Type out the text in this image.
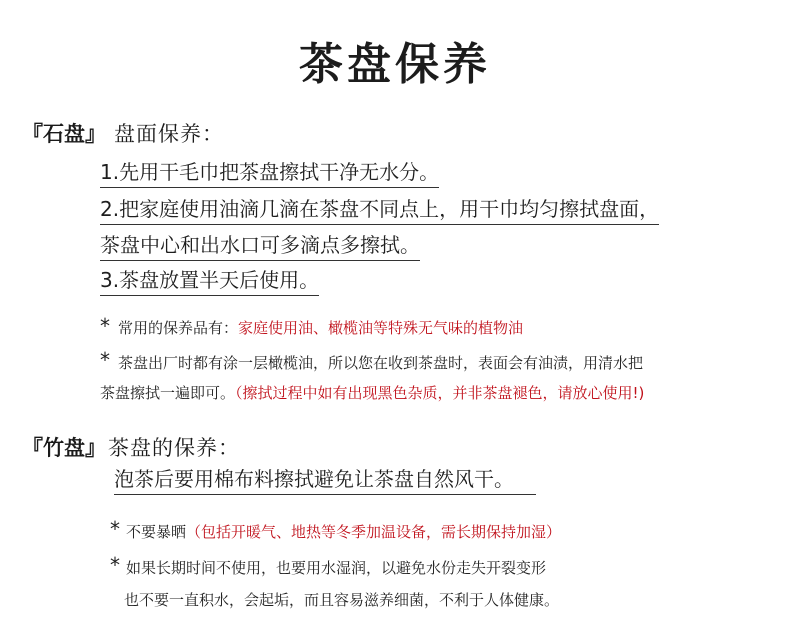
茶盘保养
『石盘』 盘面保养：
1.先用干毛巾把茶盘擦拭干净无水分。
2.把家庭使用油滴几滴在茶盘不同点上，用干巾均匀擦拭盘面，
茶盘中心和出水口可多滴点多擦拭。
3.茶盘放置半天后使用。
* 常用的保养品有：家庭使用油、橄榄油等特殊无气味的植物油
* 茶盘出厂时都有涂一层橄榄油，所以您在收到茶盘时，表面会有油渍，用清水把
茶盘擦拭一遍即可。（擦拭过程中如有出现黑色杂质，并非茶盘褪色，请放心使用!)
『竹盘』 茶盘的保养：
泡茶后要用棉布料擦拭避免让茶盘自然风干。
* 不要暴晒（包括开暖气、地热等冬季加温设备，需长期保持加湿）
* 如果长期时间不使用，也要用水湿润，以避免水份走失开裂变形
也不要一直积水，会起垢，而且容易滋养细菌，不利于人体健康。
